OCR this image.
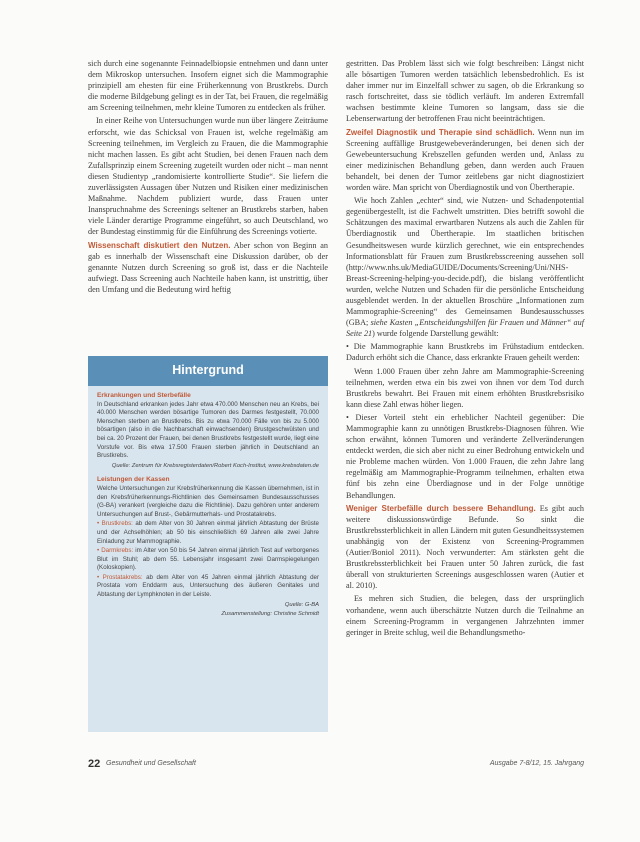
sich durch eine sogenannte Feinnadelbiopsie entnehmen und dann unter dem Mikroskop untersuchen. Insofern eignet sich die Mammographie prinzipiell am ehesten für eine Früherkennung von Brustkrebs. Durch die moderne Bildgebung gelingt es in der Tat, bei Frauen, die regelmäßig am Screening teilnehmen, mehr kleine Tumoren zu entdecken als früher.

In einer Reihe von Untersuchungen wurde nun über längere Zeiträume erforscht, wie das Schicksal von Frauen ist, welche regelmäßig am Screening teilnehmen, im Vergleich zu Frauen, die die Mammographie nicht machen lassen. Es gibt acht Studien, bei denen Frauen nach dem Zufallsprinzip einem Screening zugeteilt wurden oder nicht – man nennt diesen Studientyp „randomisierte kontrollierte Studie“. Sie liefern die zuverlässigsten Aussagen über Nutzen und Risiken einer medizinischen Maßnahme. Nachdem publiziert wurde, dass Frauen unter Inanspruchnahme des Screenings seltener an Brustkrebs starben, haben viele Länder derartige Programme eingeführt, so auch Deutschland, wo der Bundestag einstimmig für die Einführung des Screenings votierte.

Wissenschaft diskutiert den Nutzen. Aber schon von Beginn an gab es innerhalb der Wissenschaft eine Diskussion darüber, ob der genannte Nutzen durch Screening so groß ist, dass er die Nachteile aufwiegt. Dass Screening auch Nachteile haben kann, ist unstrittig, über den Umfang und die Bedeutung wird heftig

Hintergrund
Erkrankungen und Sterbefälle

In Deutschland erkranken jedes Jahr etwa 470.000 Menschen neu an Krebs, bei 40.000 Menschen werden bösartige Tumoren des Darmes festgestellt, 70.000 Menschen sterben an Brustkrebs. Bis zu etwa 70.000 Fälle von bis zu 5.000 bösartigen (also in die Nachbarschaft einwachsenden) Brustgeschwülsten und bei ca. 20 Prozent der Frauen, bei denen Brustkrebs festgestellt wurde, liegt eine Vorstufe vor. Bis etwa 17.500 Frauen sterben jährlich in Deutschland an Brustkrebs.

Quelle: Zentrum für Krebsregisterdaten/Robert Koch-Institut, www.krebsdaten.de

Leistungen der Kassen

Welche Untersuchungen zur Krebsfrüherkennung die Kassen übernehmen, ist in den Krebsfrüherkennungs-Richtlinien des Gemeinsamen Bundesausschusses (G-BA) verankert (vergleiche dazu die Richtlinie). Dazu gehören unter anderem Untersuchungen auf Brust-, Gebärmutterhals- und Prostatakrebs.

• Brustkrebs: ab dem Alter von 30 Jahren einmal jährlich Abtastung der Brüste und der Achselhöhlen; ab 50 bis einschließlich 69 Jahren alle zwei Jahre Einladung zur Mammographie.

• Darmkrebs: im Alter von 50 bis 54 Jahren einmal jährlich Test auf verborgenes Blut im Stuhl; ab dem 55. Lebensjahr insgesamt zwei Darmspiegelungen (Koloskopien).

• Prostatakrebs: ab dem Alter von 45 Jahren einmal jährlich Abtastung der Prostata vom Enddarm aus, Untersuchung des äußeren Genitales und Abtastung der Lymphknoten in der Leiste.

Quelle: G-BA

Zusammenstellung: Christine Schmidt

gestritten. Das Problem lässt sich wie folgt beschreiben: Längst nicht alle bösartigen Tumoren werden tatsächlich lebensbedrohlich. Es ist daher immer nur im Einzelfall schwer zu sagen, ob die Erkrankung so rasch fortschreitet, dass sie tödlich verläuft. Im anderen Extremfall wachsen bestimmte kleine Tumoren so langsam, dass sie die Lebenserwartung der betroffenen Frau nicht beeinträchtigen.

Zweifel Diagnostik und Therapie sind schädlich. Wenn nun im Screening auffällige Brustgewebeveränderungen, bei denen sich der Gewebeuntersuchung Krebszellen gefunden werden und, Anlass zu einer medizinischen Behandlung geben, dann werden auch Frauen behandelt, bei denen der Tumor zeitlebens gar nicht diagnostiziert worden wäre. Man spricht von Überdiagnostik und von Übertherapie.

Wie hoch Zahlen „echter“ sind, wie Nutzen- und Schadenpotential gegenübergestellt, ist die Fachwelt umstritten. Dies betrifft sowohl die Schätzungen des maximal erwartbaren Nutzens als auch die Zahlen für Überdiagnostik und Übertherapie. Im staatlichen britischen Gesundheitswesen wurde kürzlich gerechnet, wie ein entsprechendes Informationsblatt für Frauen zum Brustkrebsscreening aussehen soll (http://www.nhs.uk/MediaGUIDE/Documents/Screening/Uni/NHS-Breast-Screening-helping-you-decide.pdf), die bislang veröffentlicht wurden, welche Nutzen und Schaden für die persönliche Entscheidung ausgeblendet werden. In der aktuellen Broschüre „Informationen zum Mammographie-Screening“ des Gemeinsamen Bundesausschusses (GBA; siehe Kasten „Entscheidungshilfen für Frauen und Männer“ auf Seite 21) wurde folgende Darstellung gewählt:

• Die Mammographie kann Brustkrebs im Frühstadium entdecken. Dadurch erhöht sich die Chance, dass erkrankte Frauen geheilt werden:

Wenn 1.000 Frauen über zehn Jahre am Mammographie-Screening teilnehmen, werden etwa ein bis zwei von ihnen vor dem Tod durch Brustkrebs bewahrt. Bei Frauen mit einem erhöhten Brustkrebsrisiko kann diese Zahl etwas höher liegen.

• Dieser Vorteil steht ein erheblicher Nachteil gegenüber: Die Mammographie kann zu unnötigen Brustkrebs-Diagnosen führen. Wie schon erwähnt, können Tumoren und veränderte Zellveränderungen entdeckt werden, die sich aber nicht zu einer Bedrohung entwickeln und nie Probleme machen würden. Von 1.000 Frauen, die zehn Jahre lang regelmäßig am Mammographie-Programm teilnehmen, erhalten etwa fünf bis zehn eine Überdiagnose und in der Folge unnötige Behandlungen.

Weniger Sterbefälle durch bessere Behandlung. Es gibt auch weitere diskussionswürdige Befunde. So sinkt die Brustkrebssterblichkeit in allen Ländern mit guten Gesundheitssystemen unabhängig von der Existenz von Screening-Programmen (Autier/Boniol 2011). Noch verwunderter: Am stärksten geht die Brustkrebssterblichkeit bei Frauen unter 50 Jahren zurück, die fast überall von strukturierten Screenings ausgeschlossen waren (Autier et al. 2010).

Es mehren sich Studien, die belegen, dass der ursprünglich vorhandene, wenn auch überschätzte Nutzen durch die Teilnahme an einem Screening-Programm in vergangenen Jahrzehnten immer geringer in Breite schlug, weil die Behandlungsmetho-

22 Gesundheit und Gesellschaft	Ausgabe 7-8/12, 15. Jahrgang
